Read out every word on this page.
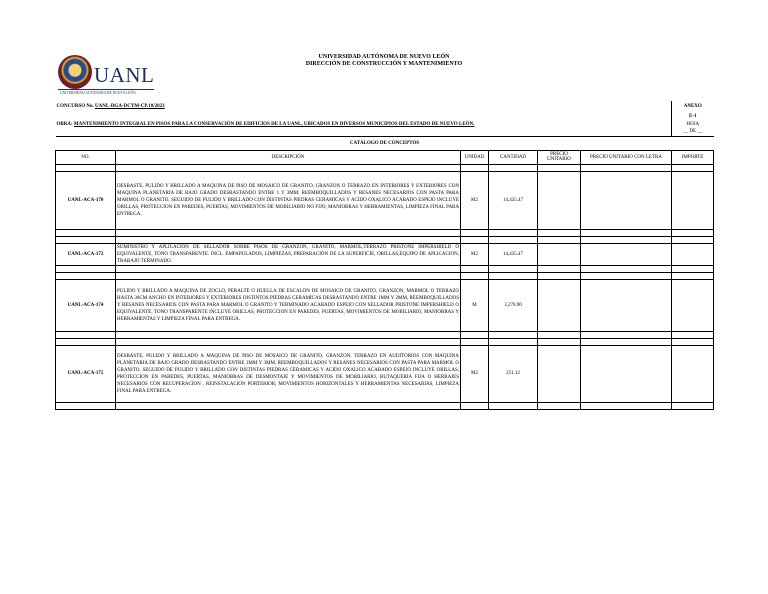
UANL
UNIVERSIDAD AUTÓNOMA DE NUEVO LEÓN
UNIVERSIDAD AUTÓNOMA DE NUEVO LEÓN
DIRECCIÓN DE CONSTRUCCIÓN Y MANTENIMIENTO
CONCURSO No. UANL-DGA-DCYM-CP.10/2023						ANEXO
						E-1
OBRA: MANTENIMIENTO INTEGRAL EN PISOS PARA LA CONSERVACIÓN DE EDIFICIOS DE LA UANL, UBICADOS EN DIVERSOS MUNICIPIOS DEL ESTADO DE NUEVO LEÓN.						HOJA
						__ DE __
CATÁLOGO DE CONCEPTOS						
NO.	DESCRIPCIÓN	UNIDAD	CANTIDAD	PRECIO UNITARIO	PRECIO UNITARIO CON LETRA	IMPORTE

UANL-ACA-170	DESBASTE, PULIDO Y BRILLADO A MAQUINA DE PISO DE MOSAICO DE GRANITO, GRANZON O TERRAZO EN INTERIORES Y EXTERIORES CON MAQUINA PLANETARIA DE BAJO GRADO DESBASTANDO ENTRE 1 Y 3MM, REEMBOQUILLADOS Y RESANES NECESARIOS CON PASTA PARA MARMOL O GRANITO, SEGUIDO DE PULIDO Y BRILLADO CON DISTINTAS PIEDRAS CERAMICAS Y ACIDO OXALICO ACABADO ESPEJO INCLUYE ORILLAS, PROTECCION EN PAREDES, PUERTAS, MOVIMIENTOS DE MOBILIARIO NO FIJO, MANIOBRAS Y HERRAMIENTAS, LIMPIEZA FINAL PARA ENTREGA.	M2	14,435.47			

UANL-ACA-172	SUMINISTRO Y APLICACIÓN DE SELLADOR SOBRE PISOS DE GRANZON, GRANITO, MARMOL,TERRAZO PRISTONE IMPERSHIELD O EQUIVALENTE, TONO TRANSPARENTE. INCL. EMPAPULADOS, LIMPIEZAS, PREPARACIÓN DE LA SUPERFICIE, ORILLAS,EQUIPO DE APLICACION, TRABAJO TERMINADO.	M2	14,435.47			

UANL-ACA-174	PULIDO Y BRILLADO A MAQUINA DE ZOCLO, PERALTE O HUELLA DE ESCALON DE MOSAICO DE GRANITO, GRANZON, MARMOL O TERRAZO HASTA 30CM ANCHO EN INTERIORES Y EXTERIORES DISTINTOS PIEDRAS CERAMICAS DESBASTANDO ENTRE 1MM Y 2MM, REEMBOQUILLADOS Y RESANES NECESARIOS CON PASTA PARA MARMOL O GRANITO Y TERMINADO ACABADO ESPEJO CON SELLADOR PRISTONE IMPERSHIELD O EQUIVALENTE, TONO TRANSPARENTE INCLUYE ORILLAS, PROTECCION EN PAREDES, PUERTAS, MOVIMIENTOS DE MOBILIARIO, MANIOBRAS Y HERRAMIENTAS Y LIMPIEZA FINAL PARA ENTREGA.	M	3,276.90			

UANL-ACA-175	DESBASTE, PULIDO Y BRILLADO A MAQUINA DE PISO DE MOSAICO DE GRANITO, GRANZON, TERRAZO EN AUDITORIOS CON MAQUINA PLANETARIA DE BAJO GRADO DESBASTANDO ENTRE 1MM Y 3MM, REEMBOQUILLADOS Y RESANES NECESARIOS CON PASTA PARA MARMOL O GRANITO, SEGUIDO DE PULIDO Y BRILLADO CON DISTINTAS PIEDRAS CERAMICAS Y ACIDO OXALICO ACABADO ESPEJO INCLUYE ORILLAS, PROTECCION EN PAREDES, PUERTAS, MANIOBRAS DE DESMONTAJE Y MOVIMIENTOS DE MOBILIARIO, BUTAQUERIA FIJA O HERRAJES NECESARIOS CON RECUPERACION , REINSTALACION PORTERIOR, MOVIMIENTOS HORIZONTALES Y HERRAMIENTAS NECESARIAS, LIMPIEZA FINAL PARA ENTREGA.	M2	251.12			
